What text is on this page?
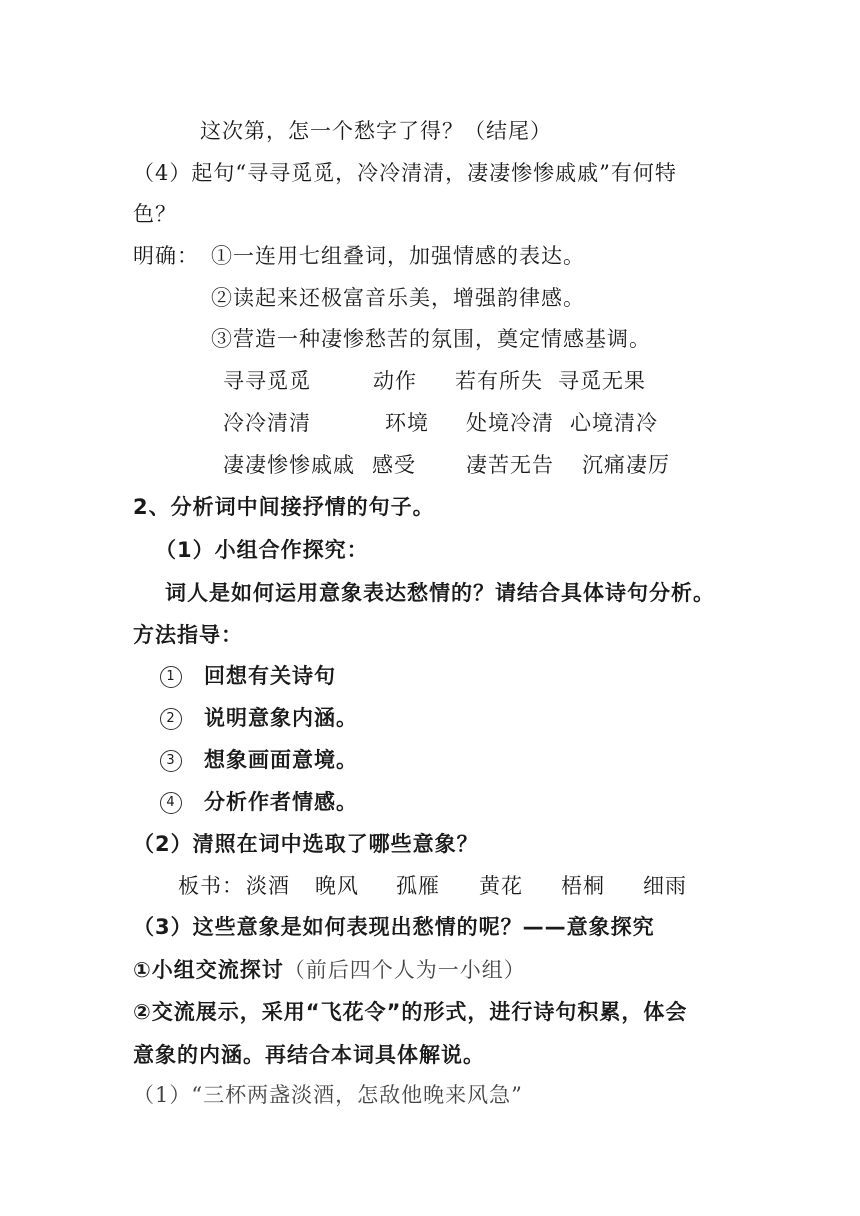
这次第，怎一个愁字了得？（结尾）
（4）起句“寻寻觅觅，冷冷清清，凄凄惨惨戚戚”有何特
色？
明确： ①一连用七组叠词，加强情感的表达。
②读起来还极富音乐美，增强韵律感。
③营造一种凄惨愁苦的氛围，奠定情感基调。
寻寻觅觅	动作 若有所失 寻觅无果
冷冷清清	环境 处境冷清 心境清冷
凄凄惨惨戚戚 感受 凄苦无告 沉痛凄厉
2、分析词中间接抒情的句子。
（1）小组合作探究：
词人是如何运用意象表达愁情的？请结合具体诗句分析。
方法指导：
1 回想有关诗句
2 说明意象内涵。
3 想象画面意境。
4 分析作者情感。
（2）清照在词中选取了哪些意象？
板书： 淡酒 晚风 孤雁 黄花 梧桐 细雨
（3）这些意象是如何表现出愁情的呢？——意象探究
①小组交流探讨（前后四个人为一小组）
②交流展示，采用“飞花令”的形式，进行诗句积累，体会
意象的内涵。再结合本词具体解说。
（1）“三杯两盏淡酒，怎敌他晚来风急”
